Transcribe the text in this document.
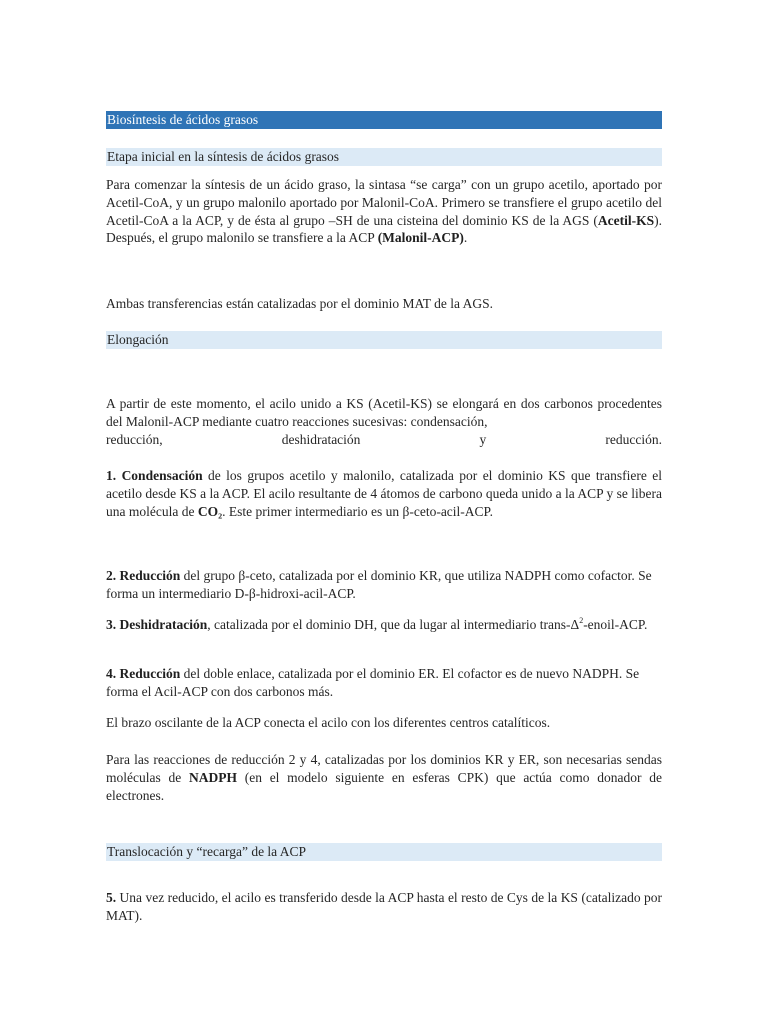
Biosíntesis de ácidos grasos
Etapa inicial en la síntesis de ácidos grasos

Para comenzar la síntesis de un ácido graso, la sintasa “se carga” con un grupo acetilo, aportado por Acetil-CoA, y un grupo malonilo aportado por Malonil-CoA. Primero se transfiere el grupo acetilo del Acetil-CoA a la ACP, y de ésta al grupo –SH de una cisteina del dominio KS de la AGS (Acetil-KS). Después, el grupo malonilo se transfiere a la ACP (Malonil-ACP).

Ambas transferencias están catalizadas por el dominio MAT de la AGS.

Elongación

A partir de este momento, el acilo unido a KS (Acetil-KS) se elongará en dos carbonos procedentes del Malonil-ACP mediante cuatro reacciones sucesivas: condensación,

reducción, deshidratación y reducción.

1. Condensación de los grupos acetilo y malonilo, catalizada por el dominio KS que transfiere el acetilo desde KS a la ACP. El acilo resultante de 4 átomos de carbono queda unido a la ACP y se libera una molécula de CO₂. Este primer intermediario es un β-ceto-acil-ACP.

2. Reducción del grupo β-ceto, catalizada por el dominio KR, que utiliza NADPH como cofactor. Se forma un intermediario D-β-hidroxi-acil-ACP.

3. Deshidratación, catalizada por el dominio DH, que da lugar al intermediario trans-$\Delta^2-enoil$-ACP.

4. Reducción del doble enlace, catalizada por el dominio ER. El cofactor es de nuevo NADPH. Se forma el Acil-ACP con dos carbonos más.

El brazo oscilante de la ACP conecta el acilo con los diferentes centros catalíticos.

Para las reacciones de reducción 2 y 4, catalizadas por los dominios KR y ER, son necesarias sendas moléculas de NADPH (en el modelo siguiente en esferas CPK) que actúa como donador de electrones.

Translocación y “recarga” de la ACP

5. Una vez reducido, el acilo es transferido desde la ACP hasta el resto de Cys de la KS (catalizado por MAT).
